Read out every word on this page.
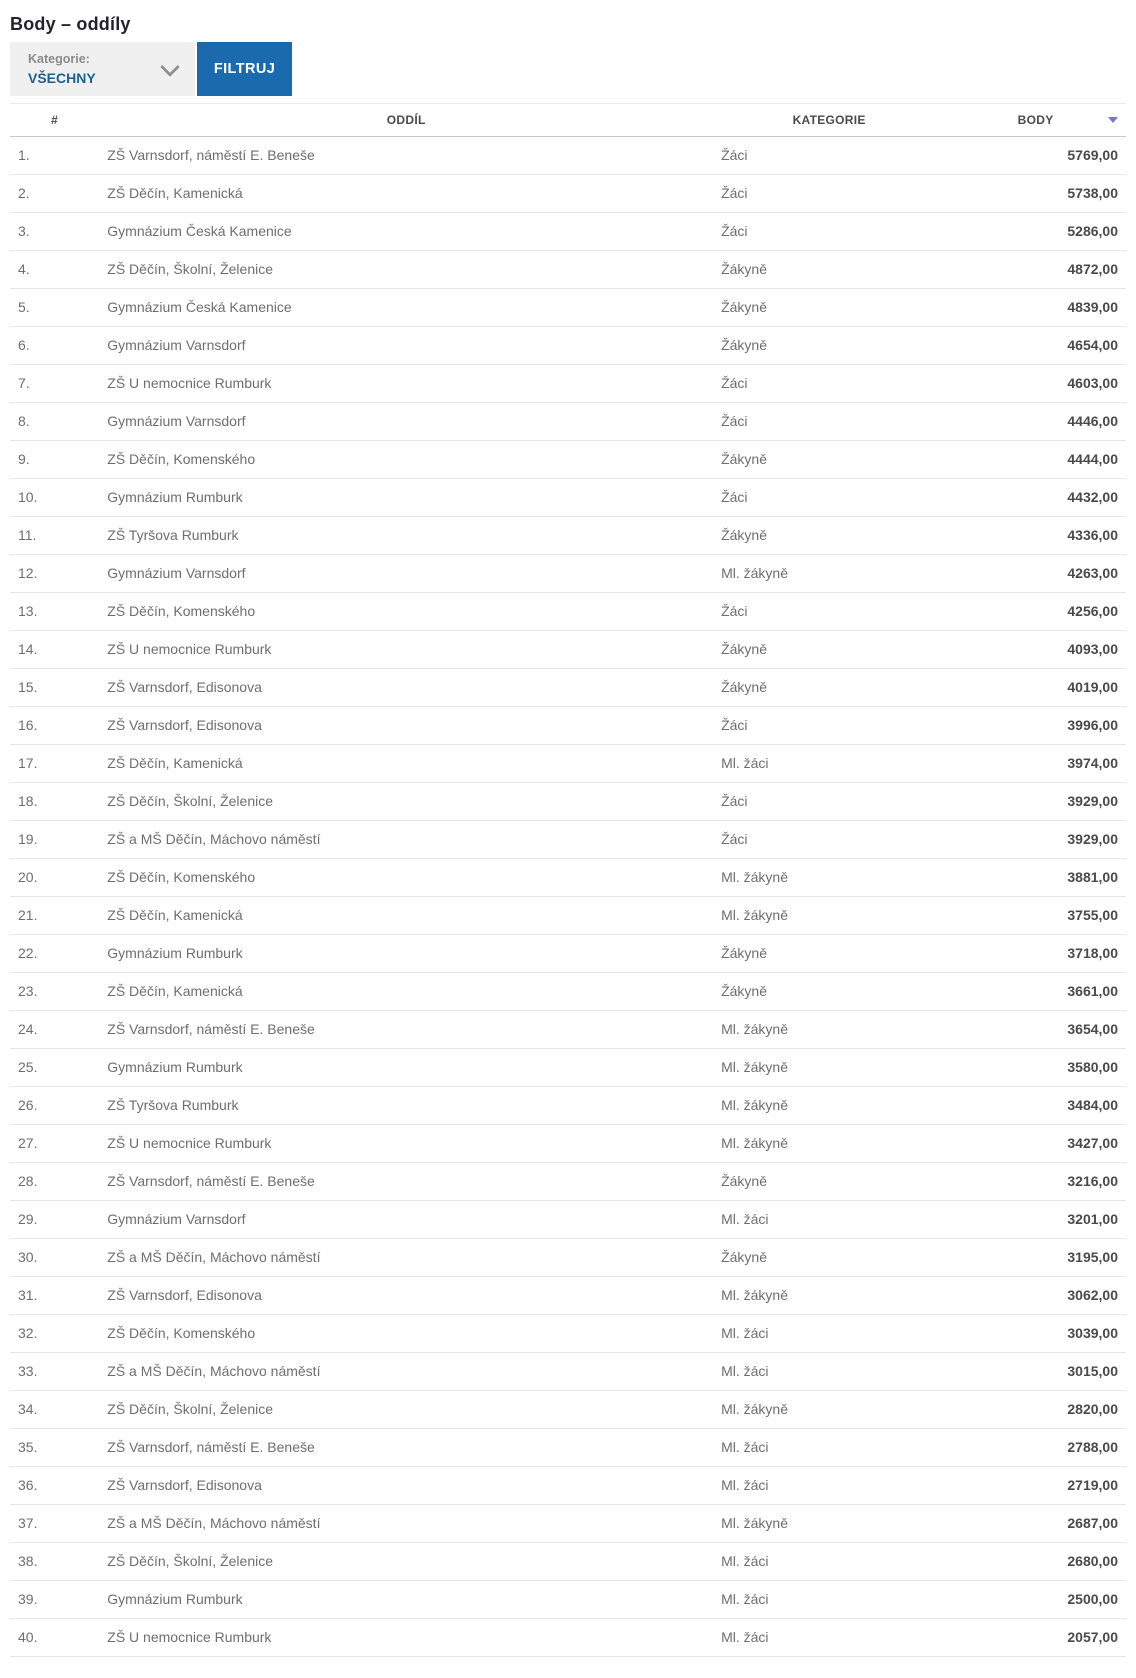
Body – oddíly
Kategorie:
VŠECHNY
FILTRUJ
#	ODDÍL	KATEGORIE	BODY

1.	ZŠ Varnsdorf, náměstí E. Beneše	Žáci	5769,00
2.	ZŠ Děčín, Kamenická	Žáci	5738,00
3.	Gymnázium Česká Kamenice	Žáci	5286,00
4.	ZŠ Děčín, Školní, Želenice	Žákyně	4872,00
5.	Gymnázium Česká Kamenice	Žákyně	4839,00
6.	Gymnázium Varnsdorf	Žákyně	4654,00
7.	ZŠ U nemocnice Rumburk	Žáci	4603,00
8.	Gymnázium Varnsdorf	Žáci	4446,00
9.	ZŠ Děčín, Komenského	Žákyně	4444,00
10.	Gymnázium Rumburk	Žáci	4432,00
11.	ZŠ Tyršova Rumburk	Žákyně	4336,00
12.	Gymnázium Varnsdorf	Ml. žákyně	4263,00
13.	ZŠ Děčín, Komenského	Žáci	4256,00
14.	ZŠ U nemocnice Rumburk	Žákyně	4093,00
15.	ZŠ Varnsdorf, Edisonova	Žákyně	4019,00
16.	ZŠ Varnsdorf, Edisonova	Žáci	3996,00
17.	ZŠ Děčín, Kamenická	Ml. žáci	3974,00
18.	ZŠ Děčín, Školní, Želenice	Žáci	3929,00
19.	ZŠ a MŠ Děčín, Máchovo náměstí	Žáci	3929,00
20.	ZŠ Děčín, Komenského	Ml. žákyně	3881,00
21.	ZŠ Děčín, Kamenická	Ml. žákyně	3755,00
22.	Gymnázium Rumburk	Žákyně	3718,00
23.	ZŠ Děčín, Kamenická	Žákyně	3661,00
24.	ZŠ Varnsdorf, náměstí E. Beneše	Ml. žákyně	3654,00
25.	Gymnázium Rumburk	Ml. žákyně	3580,00
26.	ZŠ Tyršova Rumburk	Ml. žákyně	3484,00
27.	ZŠ U nemocnice Rumburk	Ml. žákyně	3427,00
28.	ZŠ Varnsdorf, náměstí E. Beneše	Žákyně	3216,00
29.	Gymnázium Varnsdorf	Ml. žáci	3201,00
30.	ZŠ a MŠ Děčín, Máchovo náměstí	Žákyně	3195,00
31.	ZŠ Varnsdorf, Edisonova	Ml. žákyně	3062,00
32.	ZŠ Děčín, Komenského	Ml. žáci	3039,00
33.	ZŠ a MŠ Děčín, Máchovo náměstí	Ml. žáci	3015,00
34.	ZŠ Děčín, Školní, Želenice	Ml. žákyně	2820,00
35.	ZŠ Varnsdorf, náměstí E. Beneše	Ml. žáci	2788,00
36.	ZŠ Varnsdorf, Edisonova	Ml. žáci	2719,00
37.	ZŠ a MŠ Děčín, Máchovo náměstí	Ml. žákyně	2687,00
38.	ZŠ Děčín, Školní, Želenice	Ml. žáci	2680,00
39.	Gymnázium Rumburk	Ml. žáci	2500,00
40.	ZŠ U nemocnice Rumburk	Ml. žáci	2057,00
